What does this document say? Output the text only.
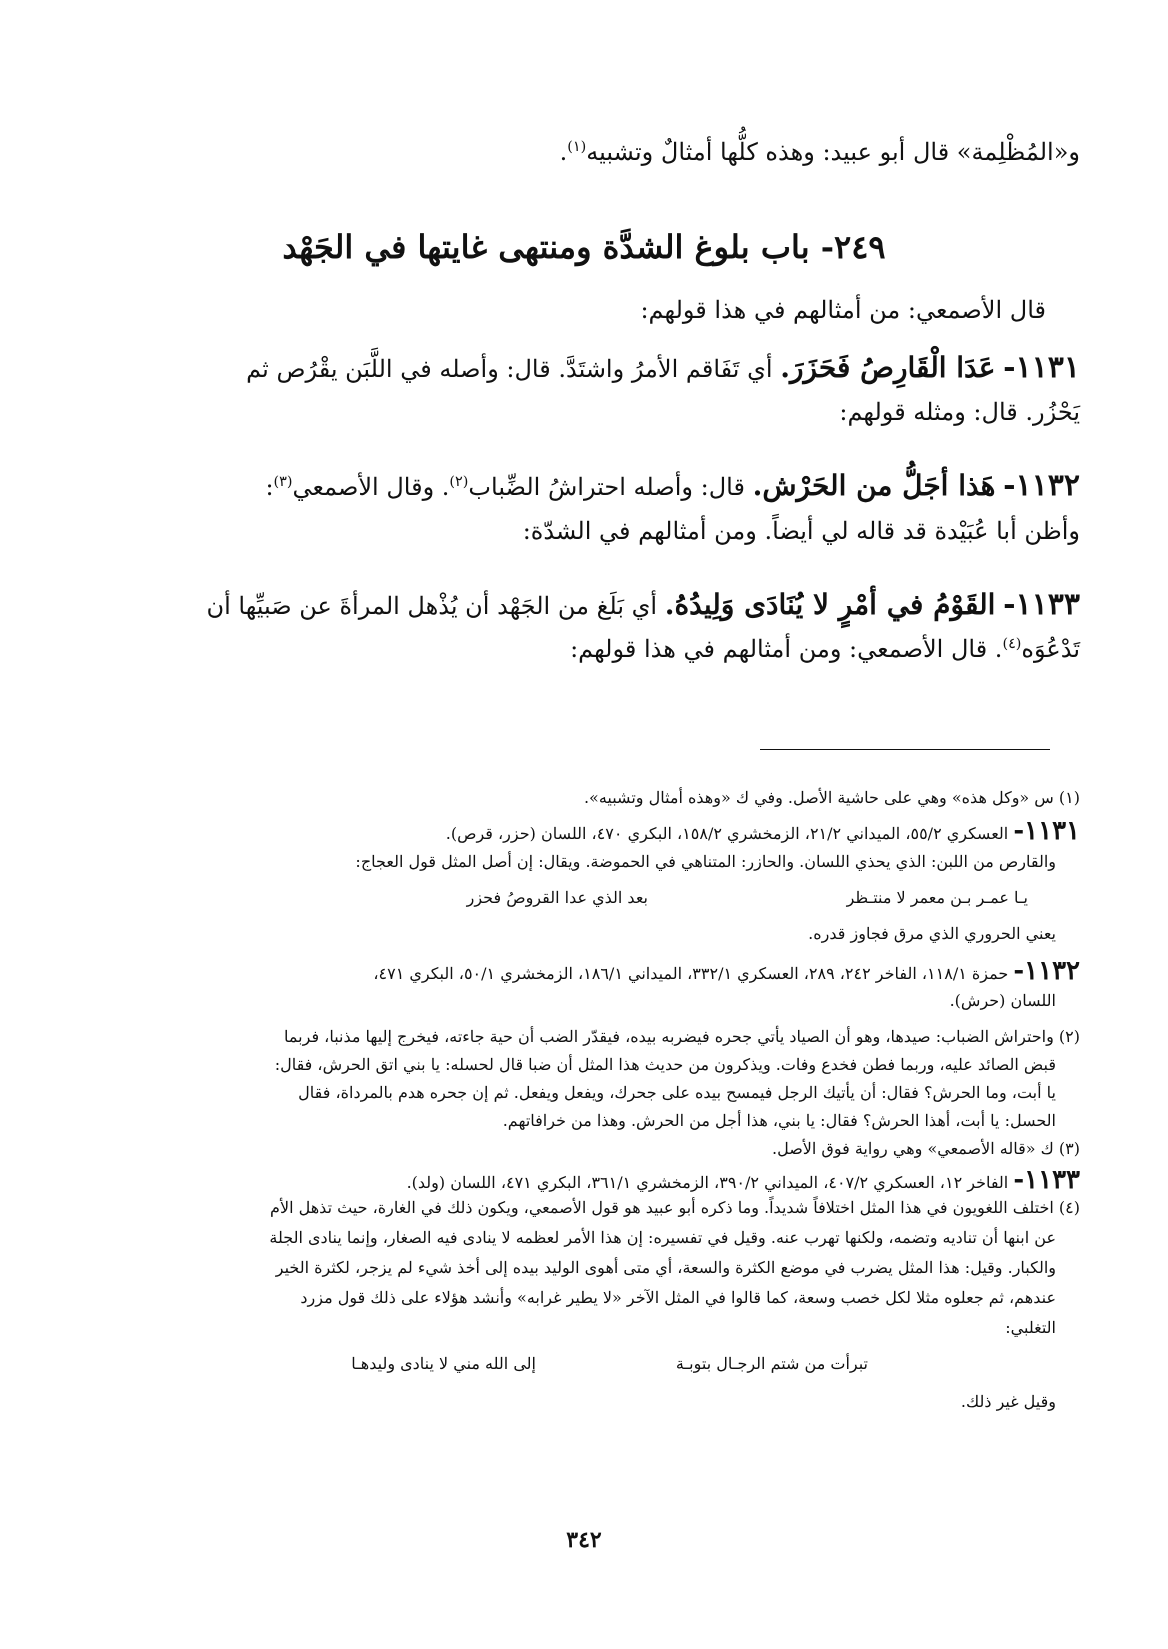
و«المُظْلِمة» قال أبو عبيد: وهذه كلُّها أمثالٌ وتشبيه$^{(١)}$.
٢٤٩- باب بلوغ الشدَّة ومنتهى غايتها في الجَهْد
قال الأصمعي: من أمثالهم في هذا قولهم:
١١٣١- عَدَا الْقَارِصُ فَحَزَرَ. أي تَفَاقم الأمرُ واشتَدَّ. قال: وأصله في اللَّبَن يقْرُص ثم
يَحْزُر. قال: ومثله قولهم:
١١٣٢- هَذا أجَلُّ من الحَرْش. قال: وأصله احتراشُ الضِّباب$^{(٢)}$. وقال الأصمعي$^{(٣)}$:
وأظن أبا عُبَيْدة قد قاله لي أيضاً. ومن أمثالهم في الشدّة:
١١٣٣- القَوْمُ في أمْرٍ لا يُنَادَى وَلِيدُهُ. أي بَلَغ من الجَهْد أن يُذْهل المرأةَ عن صَبيِّها أن
تَدْعُوَه$^{(٤)}$. قال الأصمعي: ومن أمثالهم في هذا قولهم:
(١) س «وكل هذه» وهي على حاشية الأصل. وفي ك «وهذه أمثال وتشبيه».
١١٣١- العسكري ٥٥/٢، الميداني ٢١/٢، الزمخشري ١٥٨/٢، البكري ٤٧٠، اللسان (حزر، قرص).
والقارص من اللبن: الذي يحذي اللسان. والحازر: المتناهي في الحموضة. ويقال: إن أصل المثل قول العجاج:
يـا عمـر بـن معمر لا منتـظر
بعد الذي عدا القروصُ فحزر
يعني الحروري الذي مرق فجاوز قدره.
١١٣٢- حمزة ١١٨/١، الفاخر ٢٤٢، ٢٨٩، العسكري ٣٣٢/١، الميداني ١٨٦/١، الزمخشري ٥٠/١، البكري ٤٧١،
اللسان (حرش).
(٢) واحتراش الضباب: صيدها، وهو أن الصياد يأتي جحره فيضربه بيده، فيقدّر الضب أن حية جاءته، فيخرج إليها مذنبا، فربما
قبض الصائد عليه، وربما فطن فخدع وفات. ويذكرون من حديث هذا المثل أن ضبا قال لحسله: يا بني اتق الحرش، فقال:
يا أبت، وما الحرش؟ فقال: أن يأتيك الرجل فيمسح بيده على جحرك، ويفعل ويفعل. ثم إن جحره هدم بالمرداة، فقال
الحسل: يا أبت، أهذا الحرش؟ فقال: يا بني، هذا أجل من الحرش. وهذا من خرافاتهم.
(٣) ك «قاله الأصمعي» وهي رواية فوق الأصل.
١١٣٣- الفاخر ١٢، العسكري ٤٠٧/٢، الميداني ٣٩٠/٢، الزمخشري ٣٦١/١، البكري ٤٧١، اللسان (ولد).
(٤) اختلف اللغويون في هذا المثل اختلافاً شديداً. وما ذكره أبو عبيد هو قول الأصمعي، ويكون ذلك في الغارة، حيث تذهل الأم
عن ابنها أن تناديه وتضمه، ولكنها تهرب عنه. وقيل في تفسيره: إن هذا الأمر لعظمه لا ينادى فيه الصغار، وإنما ينادى الجلة
والكبار. وقيل: هذا المثل يضرب في موضع الكثرة والسعة، أي متى أهوى الوليد بيده إلى أخذ شيء لم يزجر، لكثرة الخير
عندهم، ثم جعلوه مثلا لكل خصب وسعة، كما قالوا في المثل الآخر «لا يطير غرابه» وأنشد هؤلاء على ذلك قول مزرد
التغلبي:
تبرأت من شتم الرجـال بتوبـة
إلى الله مني لا ينادى وليدهـا
وقيل غير ذلك.
٣٤٢
